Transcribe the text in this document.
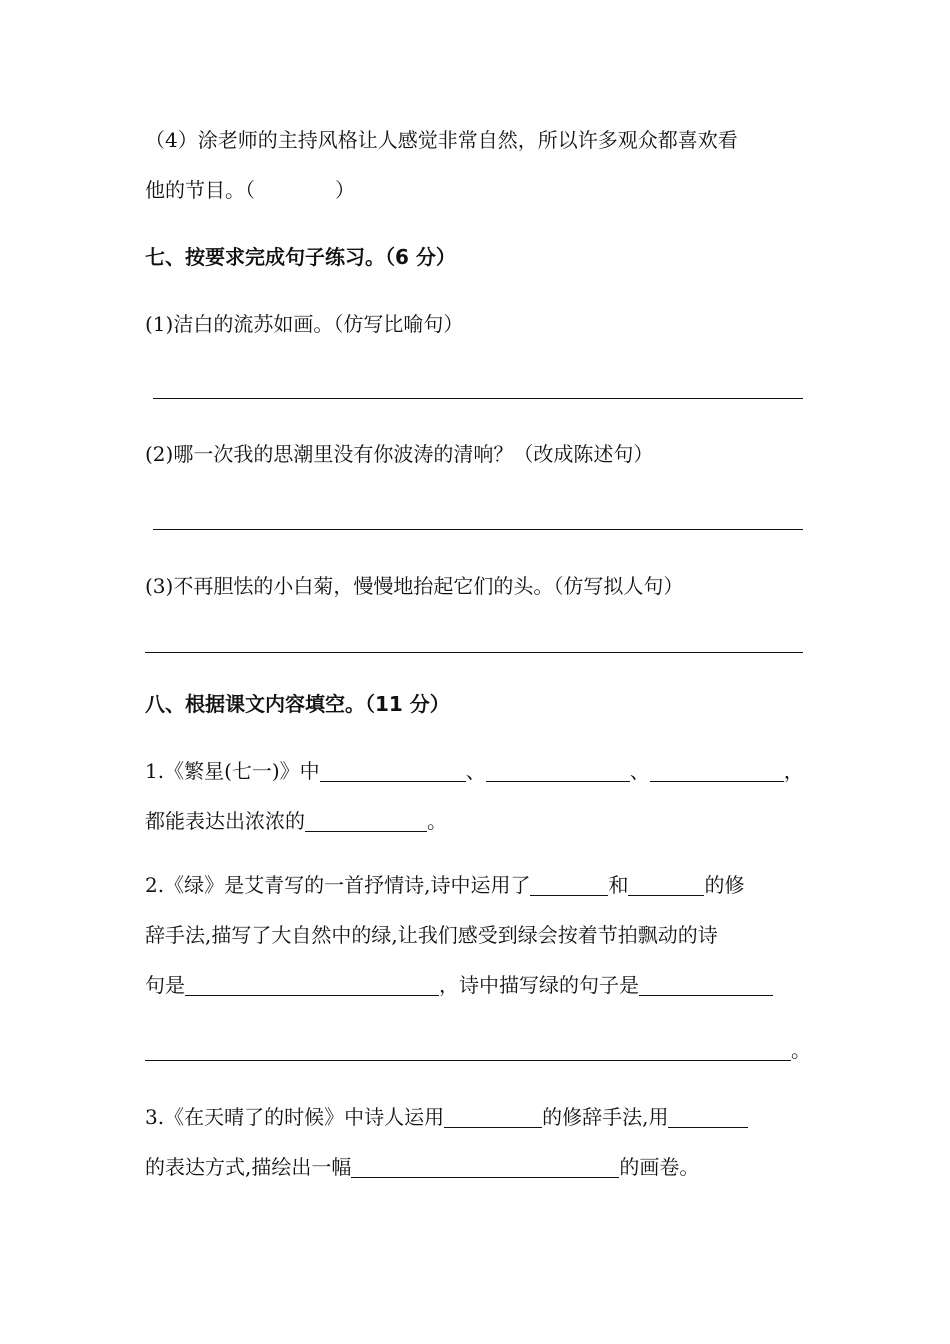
（4）涂老师的主持风格让人感觉非常自然，所以许多观众都喜欢看
他的节目。（　　　　）
七、按要求完成句子练习。（6 分）
(1)洁白的流苏如画。（仿写比喻句）
(2)哪一次我的思潮里没有你波涛的清响？（改成陈述句）
(3)不再胆怯的小白菊，慢慢地抬起它们的头。（仿写拟人句）
八、根据课文内容填空。（11 分）
1.《繁星(七一)》中	、	、	，
都能表达出浓浓的	。
2.《绿》是艾青写的一首抒情诗,诗中运用了	和	的修
辞手法,描写了大自然中的绿,让我们感受到绿会按着节拍飘动的诗
句是	，诗中描写绿的句子是
。
3.《在天晴了的时候》中诗人运用	的修辞手法,用
的表达方式,描绘出一幅	的画卷。
